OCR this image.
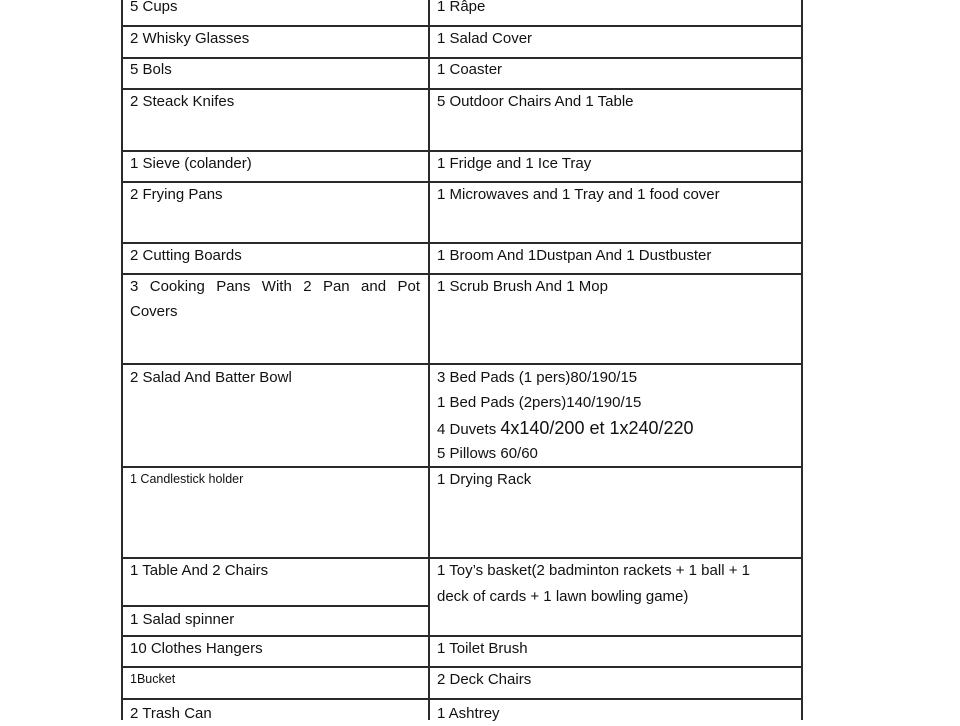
5 Cups
2 Whisky Glasses
5 Bols
2 Steack Knifes
1 Sieve (colander)
2 Frying Pans
2 Cutting Boards
3 Cooking Pans With 2 Pan and Pot
Covers
2 Salad And Batter Bowl
1 Candlestick holder
1 Table And 2 Chairs
1 Salad spinner
10 Clothes Hangers
1Bucket
2 Trash Can
1 Râpe
1 Salad Cover
1 Coaster
5 Outdoor Chairs And 1 Table
1 Fridge and 1 Ice Tray
1 Microwaves and 1 Tray and 1 food cover
1 Broom And 1Dustpan And 1 Dustbuster
1 Scrub Brush And 1 Mop
3 Bed Pads (1 pers)80/190/15
1 Bed Pads (2pers)140/190/15
4 Duvets 4x140/200 et 1x240/220
5 Pillows 60/60
1 Drying Rack
1 Toy’s basket(2 badminton rackets + 1 ball + 1
deck of cards + 1 lawn bowling game)
1 Toilet Brush
2 Deck Chairs
1 Ashtrey
